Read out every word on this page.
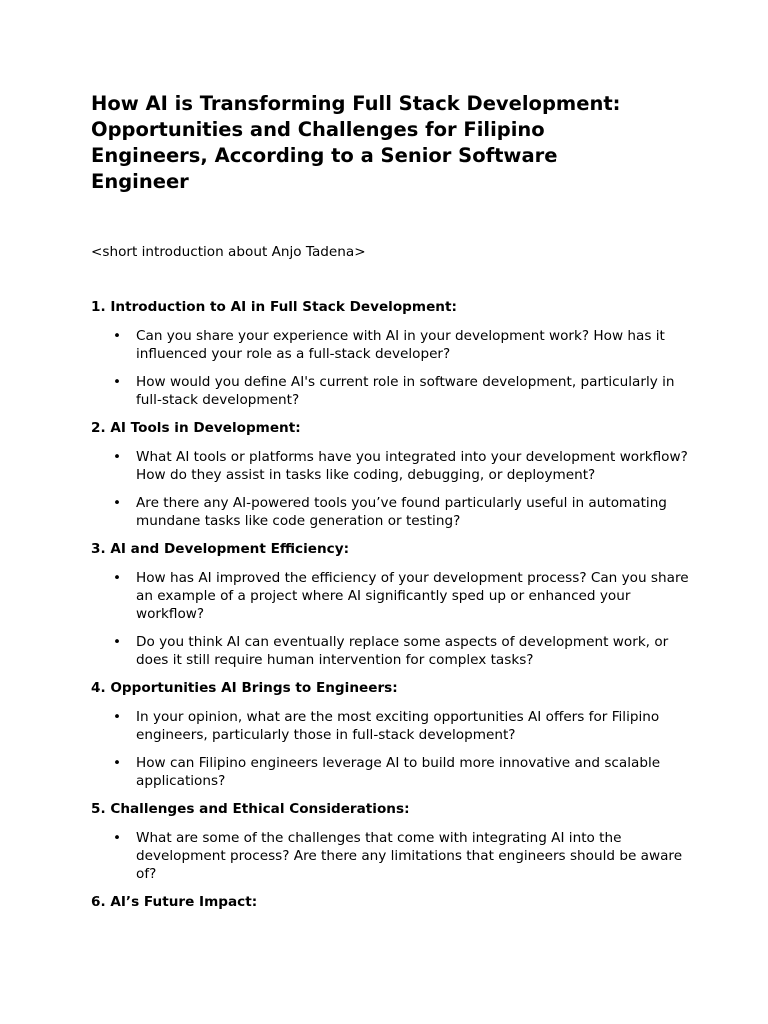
How AI is Transforming Full Stack Development: Opportunities and Challenges for Filipino Engineers, According to a Senior Software Engineer

<short introduction about Anjo Tadena>

1. Introduction to AI in Full Stack Development:

• Can you share your experience with AI in your development work? How has it influenced your role as a full-stack developer?
• How would you define AI's current role in software development, particularly in full-stack development?

2. AI Tools in Development:

• What AI tools or platforms have you integrated into your development workflow? How do they assist in tasks like coding, debugging, or deployment?
• Are there any AI-powered tools you’ve found particularly useful in automating mundane tasks like code generation or testing?

3. AI and Development Efficiency:

• How has AI improved the efficiency of your development process? Can you share an example of a project where AI significantly sped up or enhanced your workflow?
• Do you think AI can eventually replace some aspects of development work, or does it still require human intervention for complex tasks?

4. Opportunities AI Brings to Engineers:

• In your opinion, what are the most exciting opportunities AI offers for Filipino engineers, particularly those in full-stack development?
• How can Filipino engineers leverage AI to build more innovative and scalable applications?

5. Challenges and Ethical Considerations:

• What are some of the challenges that come with integrating AI into the development process? Are there any limitations that engineers should be aware of?

6. AI’s Future Impact:
